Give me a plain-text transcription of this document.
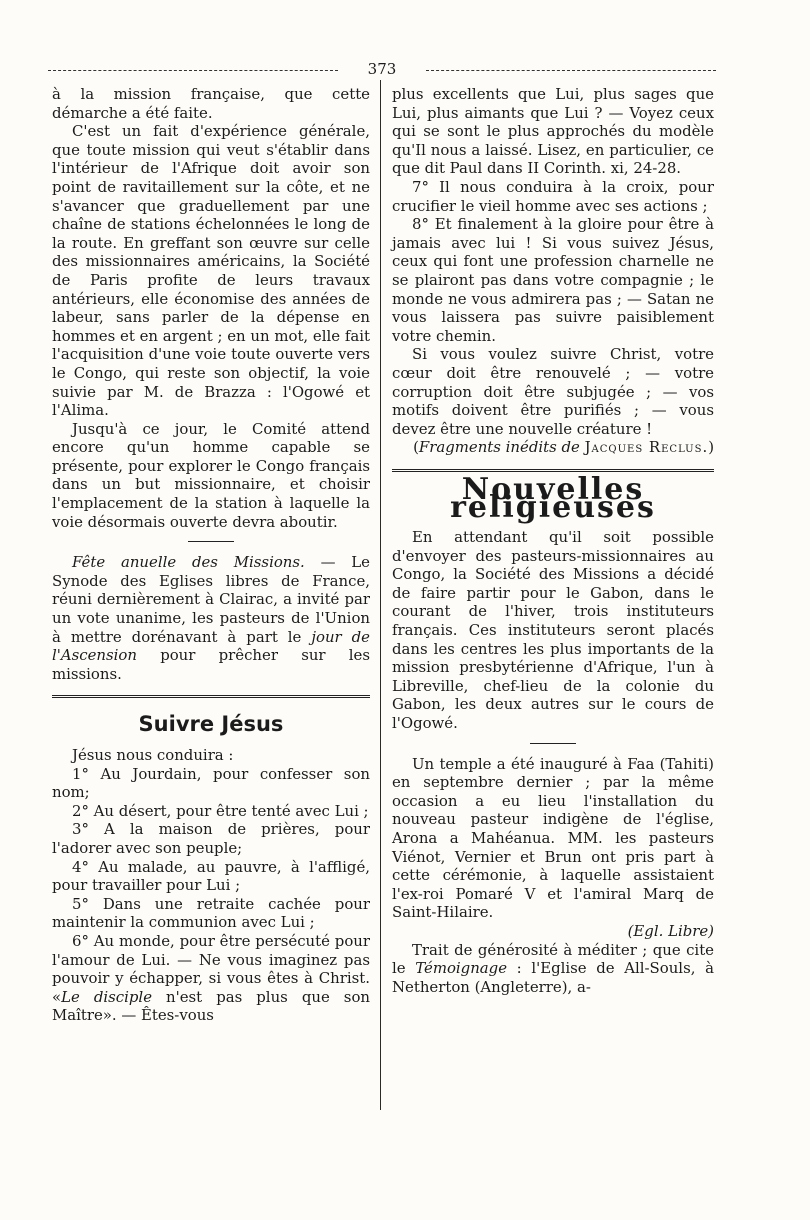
373

à la mission française, que cette démarche a été faite.

C'est un fait d'expérience générale, que toute mission qui veut s'établir dans l'intérieur de l'Afrique doit avoir son point de ravitaillement sur la côte, et ne s'avancer que graduellement par une chaîne de stations échelonnées le long de la route. En greffant son œuvre sur celle des missionnaires américains, la Société de Paris profite de leurs travaux antérieurs, elle économise des années de labeur, sans parler de la dépense en hommes et en argent ; en un mot, elle fait l'acquisition d'une voie toute ouverte vers le Congo, qui reste son objectif, la voie suivie par M. de Brazza : l'Ogowé et l'Alima.

Jusqu'à ce jour, le Comité attend encore qu'un homme capable se présente, pour explorer le Congo français dans un but missionnaire, et choisir l'emplacement de la station à laquelle la voie désormais ouverte devra aboutir.

Fête anuelle des Missions. — Le Synode des Eglises libres de France, réuni dernièrement à Clairac, a invité par un vote unanime, les pasteurs de l'Union à mettre dorénavant à part le jour de l'Ascension pour prêcher sur les missions.

Suivre Jésus

Jésus nous conduira :

1° Au Jourdain, pour confesser son nom;

2° Au désert, pour être tenté avec Lui ;

3° A la maison de prières, pour l'adorer avec son peuple;

4° Au malade, au pauvre, à l'affligé, pour travailler pour Lui ;

5° Dans une retraite cachée pour maintenir la communion avec Lui ;

6° Au monde, pour être persécuté pour l'amour de Lui. — Ne vous imaginez pas pouvoir y échapper, si vous êtes à Christ. «Le disciple n'est pas plus que son Maître». — Êtes-vous

plus excellents que Lui, plus sages que Lui, plus aimants que Lui ? — Voyez ceux qui se sont le plus approchés du modèle qu'Il nous a laissé. Lisez, en particulier, ce que dit Paul dans II Corinth. xi, 24-28.

7° Il nous conduira à la croix, pour crucifier le vieil homme avec ses actions ;

8° Et finalement à la gloire pour être à jamais avec lui ! Si vous suivez Jésus, ceux qui font une profession charnelle ne se plairont pas dans votre compagnie ; le monde ne vous admirera pas ; — Satan ne vous laissera pas suivre paisiblement votre chemin.

Si vous voulez suivre Christ, votre cœur doit être renouvelé ; — votre corruption doit être subjugée ; — vos motifs doivent être purifiés ; — vous devez être une nouvelle créature !

(Fragments inédits de Jacques Reclus.)

Nouvelles religieuses

En attendant qu'il soit possible d'envoyer des pasteurs-missionnaires au Congo, la Société des Missions a décidé de faire partir pour le Gabon, dans le courant de l'hiver, trois instituteurs français. Ces instituteurs seront placés dans les centres les plus importants de la mission presbytérienne d'Afrique, l'un à Libreville, chef-lieu de la colonie du Gabon, les deux autres sur le cours de l'Ogowé.

Un temple a été inauguré à Faa (Tahiti) en septembre dernier ; par la même occasion a eu lieu l'installation du nouveau pasteur indigène de l'église, Arona a Mahéanua. MM. les pasteurs Viénot, Vernier et Brun ont pris part à cette cérémonie, à laquelle assistaient l'ex-roi Pomaré V et l'amiral Marq de Saint-Hilaire.

(Egl. Libre)

Trait de générosité à méditer ; que cite le Témoignage : l'Eglise de All-Souls, à Netherton (Angleterre), a-
